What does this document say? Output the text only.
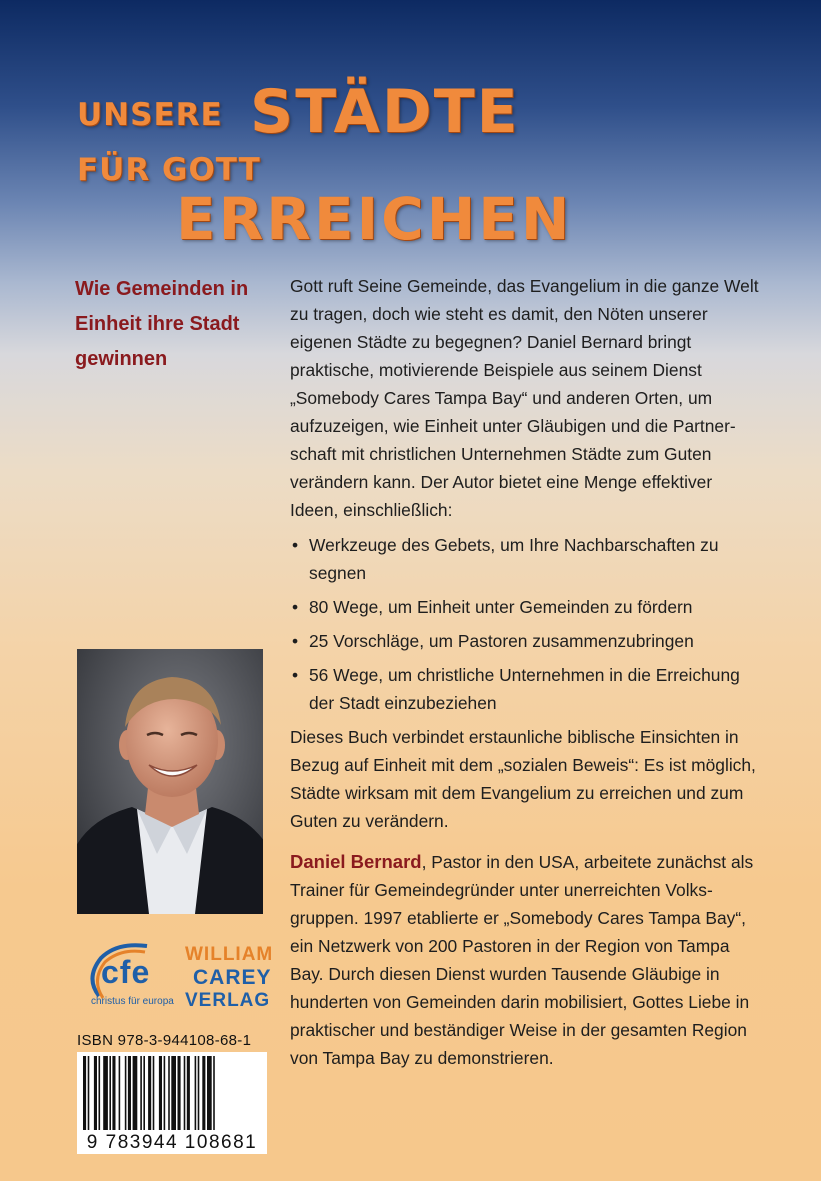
UNSERE STÄDTE
FÜR GOTT
ERREICHEN
Wie Gemeinden in Einheit ihre Stadt gewinnen

Gott ruft Seine Gemeinde, das Evangelium in die ganze Welt zu tragen, doch wie steht es damit, den Nöten unserer eigenen Städte zu begegnen? Daniel Bernard bringt praktische, motivierende Beispiele aus seinem Dienst „Somebody Cares Tampa Bay“ und anderen Orten, um aufzuzeigen, wie Einheit unter Gläubigen und die Partnerschaft mit christlichen Unternehmen Städte zum Guten verändern kann. Der Autor bietet eine Menge effektiver Ideen, einschließlich:

• Werkzeuge des Gebets, um Ihre Nachbarschaften zu segnen
• 80 Wege, um Einheit unter Gemeinden zu fördern
• 25 Vorschläge, um Pastoren zusammenzubringen
• 56 Wege, um christliche Unternehmen in die Erreichung der Stadt einzubeziehen

Dieses Buch verbindet erstaunliche biblische Einsichten in Bezug auf Einheit mit dem „sozialen Beweis“: Es ist möglich, Städte wirksam mit dem Evangelium zu erreichen und zum Guten zu verändern.

cfe
christus für europa
WILLIAM
CAREY
VERLAG
ISBN 978-3-944108-68-1
9 783944 108681
Daniel Bernard, Pastor in den USA, arbeitete zunächst als Trainer für Gemeindegründer unter unerreichten Volksgruppen. 1997 etablierte er „Somebody Cares Tampa Bay“, ein Netzwerk von 200 Pastoren in der Region von Tampa Bay. Durch diesen Dienst wurden Tausende Gläubige in hunderten von Gemeinden darin mobilisiert, Gottes Liebe in praktischer und beständiger Weise in der gesamten Region von Tampa Bay zu demonstrieren.
